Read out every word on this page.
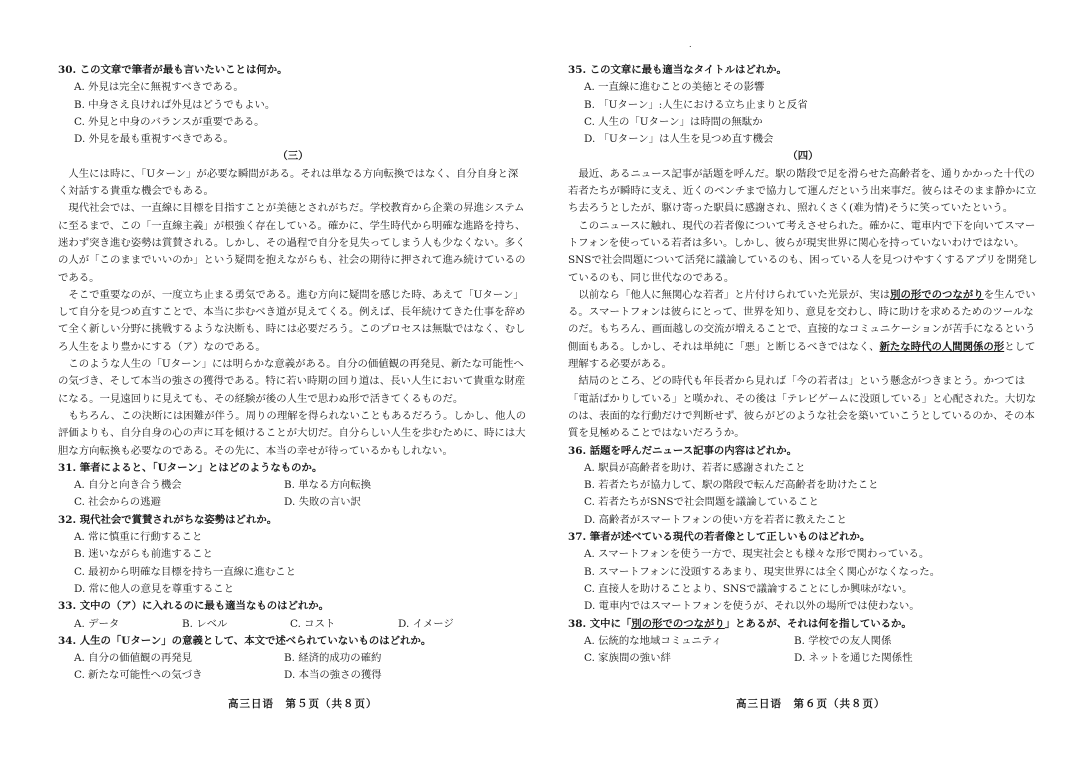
.
30. この文章で筆者が最も言いたいことは何か。
A. 外見は完全に無視すべきである。
B. 中身さえ良ければ外見はどうでもよい。
C. 外見と中身のバランスが重要である。
D. 外見を最も重視すべきである。
（三）
人生には時に、「Uターン」が必要な瞬間がある。それは単なる方向転換ではなく、自分自身と深く対話する貴重な機会でもある。
現代社会では、一直線に目標を目指すことが美徳とされがちだ。学校教育から企業の昇進システムに至るまで、この「一直線主義」が根強く存在している。確かに、学生時代から明確な進路を持ち、迷わず突き進む姿勢は賞賛される。しかし、その過程で自分を見失ってしまう人も少なくない。多くの人が「このままでいいのか」という疑問を抱えながらも、社会の期待に押されて進み続けているのである。
そこで重要なのが、一度立ち止まる勇気である。進む方向に疑問を感じた時、あえて「Uターン」して自分を見つめ直すことで、本当に歩むべき道が見えてくる。例えば、長年続けてきた仕事を辞めて全く新しい分野に挑戦するような決断も、時には必要だろう。このプロセスは無駄ではなく、むしろ人生をより豊かにする（ア）なのである。
このような人生の「Uターン」には明らかな意義がある。自分の価値観の再発見、新たな可能性への気づき、そして本当の強さの獲得である。特に若い時期の回り道は、長い人生において貴重な財産になる。一見遠回りに見えても、その経験が後の人生で思わぬ形で活きてくるものだ。
もちろん、この決断には困難が伴う。周りの理解を得られないこともあるだろう。しかし、他人の評価よりも、自分自身の心の声に耳を傾けることが大切だ。自分らしい人生を歩むために、時には大胆な方向転換も必要なのである。その先に、本当の幸せが待っているかもしれない。
31. 筆者によると、「Uターン」とはどのようなものか。
A. 自分と向き合う機会	B. 単なる方向転換
C. 社会からの逃避	D. 失敗の言い訳
32. 現代社会で賞賛されがちな姿勢はどれか。
A. 常に慎重に行動すること
B. 迷いながらも前進すること
C. 最初から明確な目標を持ち一直線に進むこと
D. 常に他人の意見を尊重すること
33. 文中の（ア）に入れるのに最も適当なものはどれか。
A. データ	B. レベル	C. コスト	D. イメージ
34. 人生の「Uターン」の意義として、本文で述べられていないものはどれか。
A. 自分の価値観の再発見	B. 経済的成功の確約
C. 新たな可能性への気づき	D. 本当の強さの獲得
高三日语　第５页（共８页）
35. この文章に最も適当なタイトルはどれか。
A. 一直線に進むことの美徳とその影響
B. 「Uターン」:人生における立ち止まりと反省
C. 人生の「Uターン」は時間の無駄か
D. 「Uターン」は人生を見つめ直す機会
（四）
最近、あるニュース記事が話題を呼んだ。駅の階段で足を滑らせた高齢者を、通りかかった十代の若者たちが瞬時に支え、近くのベンチまで協力して運んだという出来事だ。彼らはそのまま静かに立ち去ろうとしたが、駆け寄った駅員に感謝され、照れくさく(难为情)そうに笑っていたという。
このニュースに触れ、現代の若者像について考えさせられた。確かに、電車内で下を向いてスマートフォンを使っている若者は多い。しかし、彼らが現実世界に関心を持っていないわけではない。SNSで社会問題について活発に議論しているのも、困っている人を見つけやすくするアプリを開発しているのも、同じ世代なのである。
以前なら「他人に無関心な若者」と片付けられていた光景が、実は別の形でのつながりを生んでいる。スマートフォンは彼らにとって、世界を知り、意見を交わし、時に助けを求めるためのツールなのだ。もちろん、画面越しの交流が増えることで、直接的なコミュニケーションが苦手になるという側面もある。しかし、それは単純に「悪」と断じるべきではなく、新たな時代の人間関係の形として理解する必要がある。
結局のところ、どの時代も年長者から見れば「今の若者は」という懸念がつきまとう。かつては「電話ばかりしている」と嘆かれ、その後は「テレビゲームに没頭している」と心配された。大切なのは、表面的な行動だけで判断せず、彼らがどのような社会を築いていこうとしているのか、その本質を見極めることではないだろうか。
36. 話題を呼んだニュース記事の内容はどれか。
A. 駅員が高齢者を助け、若者に感謝されたこと
B. 若者たちが協力して、駅の階段で転んだ高齢者を助けたこと
C. 若者たちがSNSで社会問題を議論していること
D. 高齢者がスマートフォンの使い方を若者に教えたこと
37. 筆者が述べている現代の若者像として正しいものはどれか。
A. スマートフォンを使う一方で、現実社会とも様々な形で関わっている。
B. スマートフォンに没頭するあまり、現実世界には全く関心がなくなった。
C. 直接人を助けることより、SNSで議論することにしか興味がない。
D. 電車内ではスマートフォンを使うが、それ以外の場所では使わない。
38. 文中に「別の形でのつながり」とあるが、それは何を指しているか。
A. 伝統的な地域コミュニティ	B. 学校での友人関係
C. 家族間の強い絆	D. ネットを通じた関係性
高三日语　第６页（共８页）
